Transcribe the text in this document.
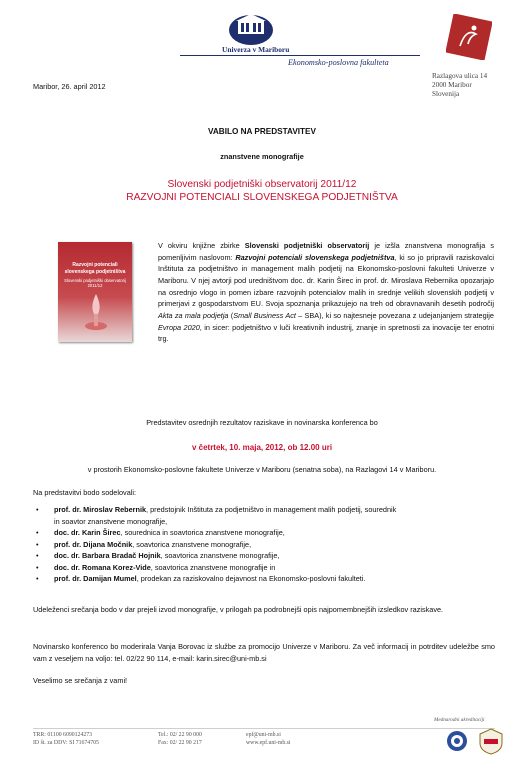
Univerza v Mariboru
Ekonomsko-poslovna fakulteta
Razlagova ulica 14
2000 Maribor
Slovenija
Maribor, 26. april 2012
VABILO NA PREDSTAVITEV
znanstvene monografije
Slovenski podjetniški observatorij 2011/12
RAZVOJNI POTENCIALI SLOVENSKEGA PODJETNIŠTVA
Razvojni potenciali slovenskega podjetništva
Slovenski podjetniški observatorij 2011/12
V okviru knjižne zbirke Slovenski podjetniški observatorij je izšla znanstvena monografija s pomenljivim naslovom: Razvojni potenciali slovenskega podjetništva, ki so jo pripravili raziskovalci Inštituta za podjetništvo in management malih podjetij na Ekonomsko-poslovni fakulteti Univerze v Mariboru. V njej avtorji pod uredništvom doc. dr. Karin Širec in prof. dr. Miroslava Rebernika opozarjajo na osrednjo vlogo in pomen izbare razvojnih potencialov malih in srednje velikih slovenskih podjetij v primerjavi z gospodarstvom EU. Svoja spoznanja prikazujejo na treh od obravnavanih desetih področij Akta za mala podjetja (Small Business Act – SBA), ki so najtesneje povezana z udejanjanjem strategije Evropa 2020, in sicer: podjetništvo v luči kreativnih industrij, znanje in spretnosti za inovacije ter enotni trg.
Predstavitev osrednjih rezultatov raziskave in novinarska konferenca bo
v četrtek, 10. maja, 2012, ob 12.00 uri
v prostorih Ekonomsko-poslovne fakultete Univerze v Mariboru (senatna soba), na Razlagovi 14 v Mariboru.
Na predstavitvi bodo sodelovali:
• prof. dr. Miroslav Rebernik, predstojnik Inštituta za podjetništvo in management malih podjetij, sourednik
in soavtor znanstvene monografije,
• doc. dr. Karin Širec, sourednica in soavtorica znanstvene monografije,
• prof. dr. Dijana Močnik, soavtorica znanstvene monografije,
• doc. dr. Barbara Bradač Hojnik, soavtorica znanstvene monografije,
• doc. dr. Romana Korez-Vide, soavtorica znanstvene monografije in
• prof. dr. Damijan Mumel, prodekan za raziskovalno dejavnost na Ekonomsko-poslovni fakulteti.
Udeleženci srečanja bodo v dar prejeli izvod monografije, v prilogah pa podrobnejši opis najpomembnejših izsledkov raziskave.
Novinarsko konferenco bo moderirala Vanja Borovac iz službe za promocijo Univerze v Mariboru. Za več informacij in potrditev udeležbe smo vam z veseljem na voljo: tel. 02/22 90 114, e-mail: karin.sirec@uni-mb.si
Veselimo se srečanja z vami!
TRR: 01100 6090124273
ID št. za DDV: SI 71674705
Tel.: 02/ 22 90 000
Fax: 02/ 22 90 217
epf@uni-mb.si
www.epf.uni-mb.si
Mednarodni akreditaciji
